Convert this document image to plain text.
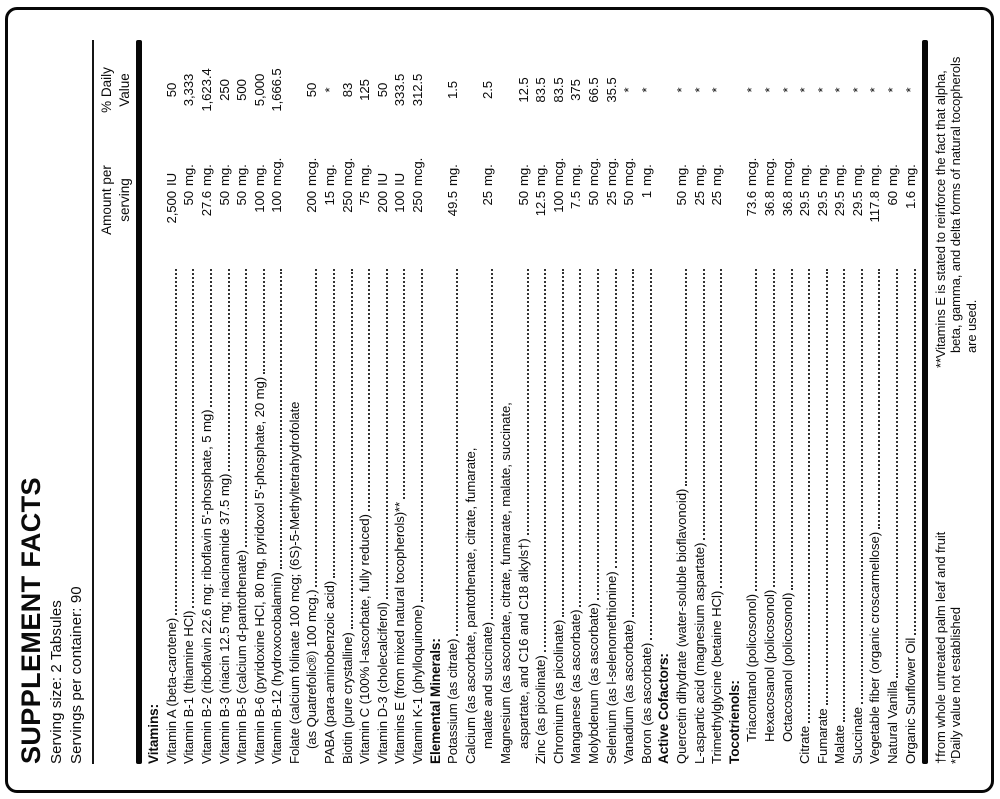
SUPPLEMENT FACTS Serving size: 2 Tabsules Servings per container: 90
Amount per serving
% Daily Value
Vitamins: Vitamin A (beta-carotene)
2,500
IU
50
Vitamin B-1 (thiamine HCl)
50
mg.
3,333
Vitamin B-2 (riboflavin 22.6 mg: riboflavin 5'-phosphate, 5 mg)
27.6
mg.
1,623.4
Vitamin B-3 (niacin 12.5 mg; niacinamide 37.5 mg)
50
mg.
250
Vitamin B-5 (calcium d-pantothenate)
50
mg.
500
Vitamin B-6 (pyridoxine HCl, 80 mg, pyridoxol 5'-phosphate, 20 mg)
100
mg.
5,000
Vitamin B-12 (hydroxocobalamin)
100
mcg.
1,666.5
Folate (calcium folinate 100 mcg; (6S)-5-Methyltetrahydrofolate (as Quatrefolic®) 100 mcg.)
200
mcg.
50
PABA (para-aminobenzoic acid)
15
mg.
*
Biotin (pure crystalline)
250
mcg.
83
Vitamin C (100% l-ascorbate, fully reduced)
75
mg.
125
Vitamin D-3 (cholecalciferol)
200
IU
50
Vitamins E (from mixed natural tocopherols)**
100
IU
333.5
Vitamin K-1 (phylloquinone)
250
mcg.
312.5
Elemental Minerals: Potassium (as citrate)
49.5
mg.
1.5
Calcium (as ascorbate, pantothenate, citrate, fumarate, malate and succinate)
25
mg.
2.5
Magnesium (as ascorbate, citrate, fumarate, malate, succinate, aspartate, and C16 and C18 alkyls†)
50
mg.
12.5
Zinc (as picolinate)
12.5
mg.
83.5
Chromium (as picolinate)
100
mcg.
83.5
Manganese (as ascorbate)
7.5
mg.
375
Molybdenum (as ascorbate)
50
mcg.
66.5
Selenium (as l-selenomethionine)
25
mcg.
35.5
Vanadium (as ascorbate)
50
mcg.
*
Boron (as ascorbate)
1
mg.
*
Active Cofactors: Quercetin dihydrate (water-soluble bioflavonoid)
50
mg.
*
L-aspartic acid (magnesium aspartate)
25
mg.
*
Trimethylglycine (betaine HCl)
25
mg.
*
Tocotrienols: Triacontanol (policosonol)
73.6
mcg.
*
Hexacosanol (policosonol)
36.8
mcg.
*
Octacosanol (policosonol)
36.8
mcg.
*
Citrate
29.5
mg.
*
Fumarate
29.5
mg.
*
Malate
29.5
mg.
*
Succinate
29.5
mg.
*
Vegetable fiber (organic croscarmellose)
117.8
mg.
*
Natural Vanilla
60
mg.
*
Organic Sunflower Oil
1.6
mg.
*
†from whole untreated palm leaf and fruit *Daily value not established
**Vitamins E is stated to reinforce the fact that alpha, beta, gamma, and delta forms of natural tocopherols are used.
